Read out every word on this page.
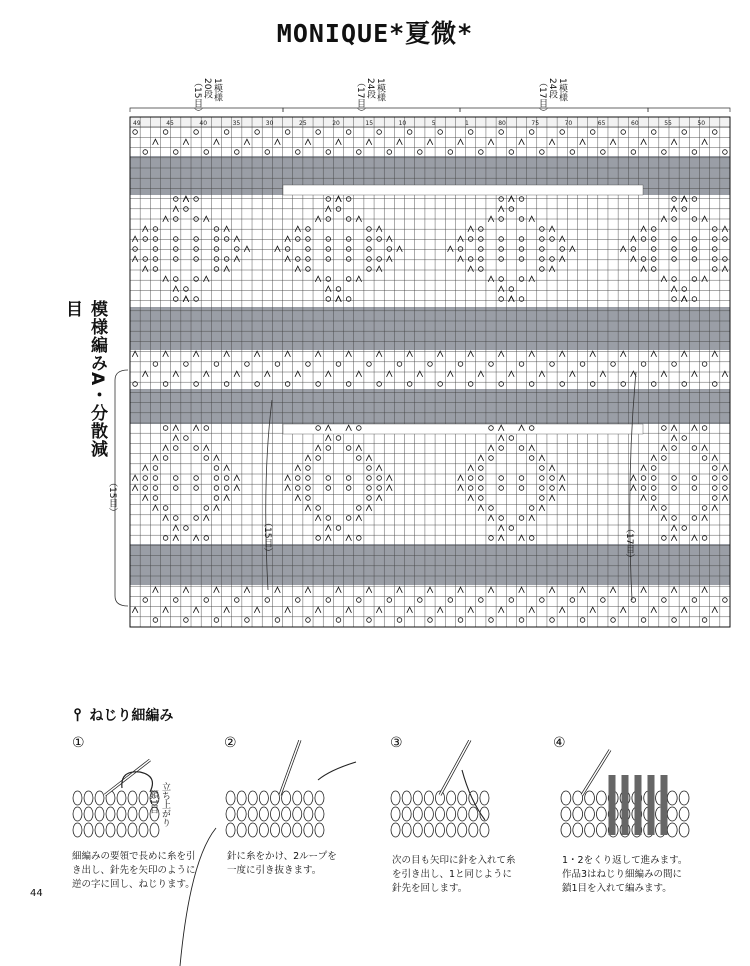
MONIQUE*夏微*
49	45	40	35	30	25	20	15	10	5	1	80	75	70	65	60	55	50
模様編みA・分散減目
（15目）
（15目）	（17目）
1模様
20段
（15目）	1模様
24段
（17目）	1模様
24段
（17目）
⫯ ねじり細編み
①	②	③	④
立ち上がり
鎖1目
細編みの要領で長めに糸を引
き出し、針先を矢印のように
逆の字に回し、ねじります。
針に糸をかけ、2ループを
一度に引き抜きます。
次の目も矢印に針を入れて糸
を引き出し、1と同じように
針先を回します。
1・2をくり返して進みます。
作品3はねじり細編みの間に
鎖1目を入れて編みます。
44
